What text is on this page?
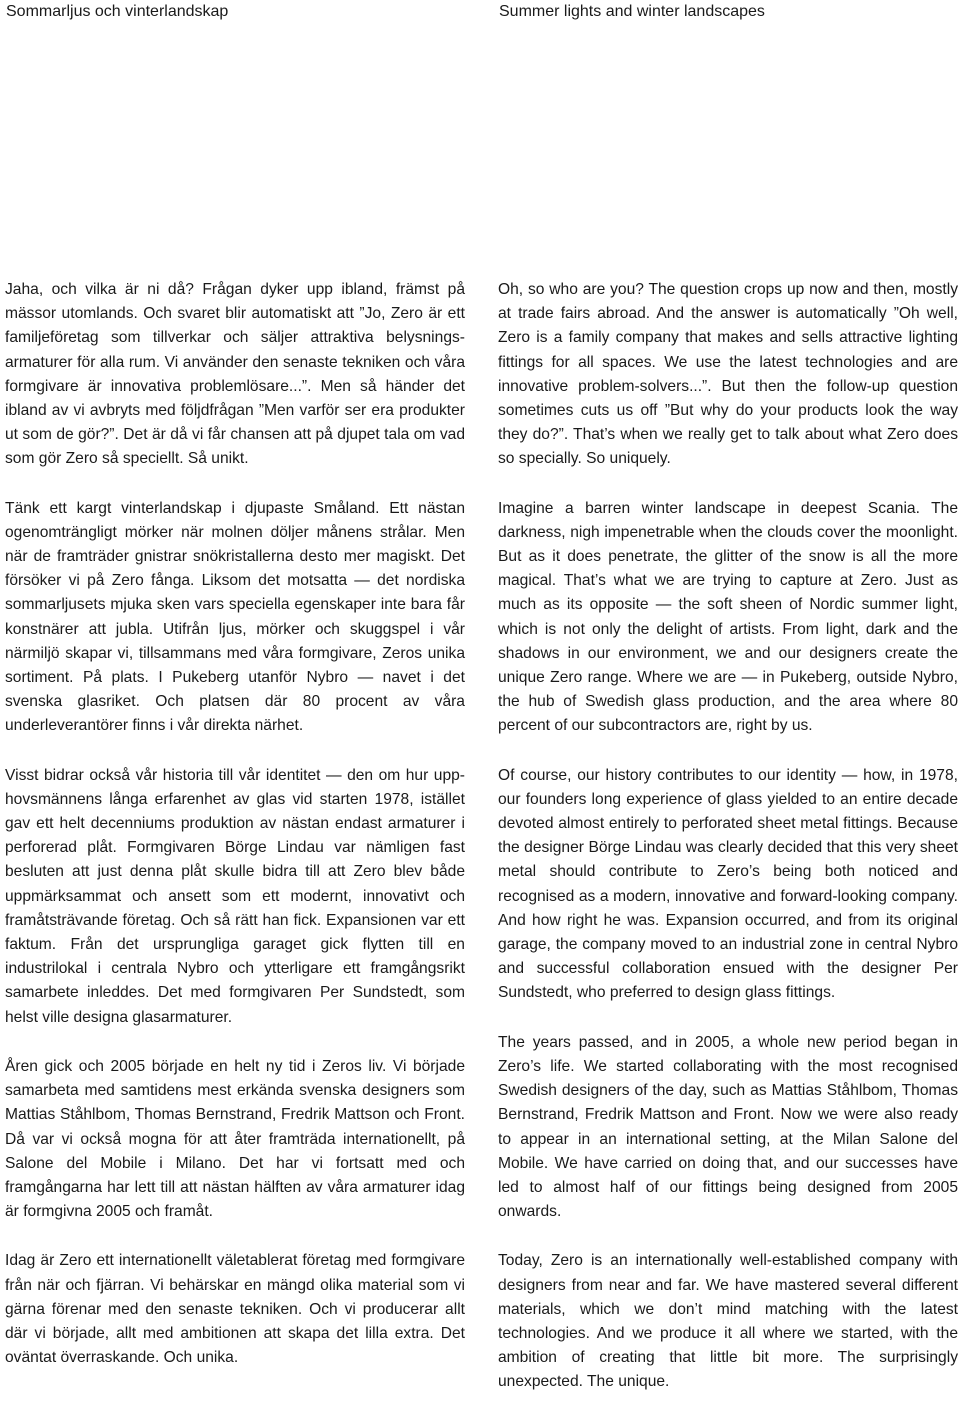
Sommarljus och vinterlandskap	Summer lights and winter landscapes

Jaha, och vilka är ni då? Frågan dyker upp ibland, främst på mässor utomlands. Och svaret blir automatiskt att ”Jo, Zero är ett familjeföretag som tillverkar och säljer attraktiva belysningsarmaturer för alla rum. Vi använder den senaste tekniken och våra formgivare är innovativa problemlösare...”. Men så händer det ibland av vi avbryts med följdfrågan ”Men varför ser era produkter ut som de gör?”. Det är då vi får chansen att på djupet tala om vad som gör Zero så speciellt. Så unikt.

Tänk ett kargt vinterlandskap i djupaste Småland. Ett nästan ogenomträngligt mörker när molnen döljer månens strålar. Men när de framträder gnistrar snökristallerna desto mer magiskt. Det försöker vi på Zero fånga. Liksom det motsatta — det nordiska sommarljusets mjuka sken vars speciella egenskaper inte bara får konstnärer att jubla. Utifrån ljus, mörker och skuggspel i vår närmiljö skapar vi, tillsammans med våra formgivare, Zeros unika sortiment. På plats. I Pukeberg utanför Nybro — navet i det svenska glasriket. Och platsen där 80 procent av våra underleverantörer finns i vår direkta närhet.

Visst bidrar också vår historia till vår identitet — den om hur upphovsmännens långa erfarenhet av glas vid starten 1978, istället gav ett helt decenniums produktion av nästan endast armaturer i perforerad plåt. Formgivaren Börge Lindau var nämligen fast besluten att just denna plåt skulle bidra till att Zero blev både uppmärksammat och ansett som ett modernt, innovativt och framåtsträvande företag. Och så rätt han fick. Expansionen var ett faktum. Från det ursprungliga garaget gick flytten till en industrilokal i centrala Nybro och ytterligare ett framgångsrikt samarbete inleddes. Det med formgivaren Per Sundstedt, som helst ville designa glasarmaturer.

Åren gick och 2005 började en helt ny tid i Zeros liv. Vi började samarbeta med samtidens mest erkända svenska designers som Mattias Ståhlbom, Thomas Bernstrand, Fredrik Mattson och Front. Då var vi också mogna för att åter framträda internationellt, på Salone del Mobile i Milano. Det har vi fortsatt med och framgångarna har lett till att nästan hälften av våra armaturer idag är formgivna 2005 och framåt.

Idag är Zero ett internationellt väletablerat företag med formgivare från när och fjärran. Vi behärskar en mängd olika material som vi gärna förenar med den senaste tekniken. Och vi producerar allt där vi började, allt med ambitionen att skapa det lilla extra. Det oväntat överraskande. Och unika.

Oh, so who are you? The question crops up now and then, mostly at trade fairs abroad. And the answer is automatically ”Oh well, Zero is a family company that makes and sells attractive lighting fittings for all spaces. We use the latest technologies and are innovative problem-solvers...”. But then the follow-up question sometimes cuts us off ”But why do your products look the way they do?”. That’s when we really get to talk about what Zero does so specially. So uniquely.

Imagine a barren winter landscape in deepest Scania. The darkness, nigh impenetrable when the clouds cover the moonlight. But as it does penetrate, the glitter of the snow is all the more magical. That’s what we are trying to capture at Zero. Just as much as its opposite — the soft sheen of Nordic summer light, which is not only the delight of artists. From light, dark and the shadows in our environment, we and our designers create the unique Zero range. Where we are — in Pukeberg, outside Nybro, the hub of Swedish glass production, and the area where 80 percent of our subcontractors are, right by us.

Of course, our history contributes to our identity — how, in 1978, our founders long experience of glass yielded to an entire decade devoted almost entirely to perforated sheet metal fittings. Because the designer Börge Lindau was clearly decided that this very sheet metal should contribute to Zero’s being both noticed and recognised as a modern, innovative and forward-looking company. And how right he was. Expansion occurred, and from its original garage, the company moved to an industrial zone in central Nybro and successful collaboration ensued with the designer Per Sundstedt, who preferred to design glass fittings.

The years passed, and in 2005, a whole new period began in Zero’s life. We started collaborating with the most recognised Swedish designers of the day, such as Mattias Ståhlbom, Thomas Bernstrand, Fredrik Mattson and Front. Now we were also ready to appear in an international setting, at the Milan Salone del Mobile. We have carried on doing that, and our successes have led to almost half of our fittings being designed from 2005 onwards.

Today, Zero is an internationally well-established company with designers from near and far. We have mastered several different materials, which we don’t mind matching with the latest technologies. And we produce it all where we started, with the ambition of creating that little bit more. The surprisingly unexpected. The unique.
